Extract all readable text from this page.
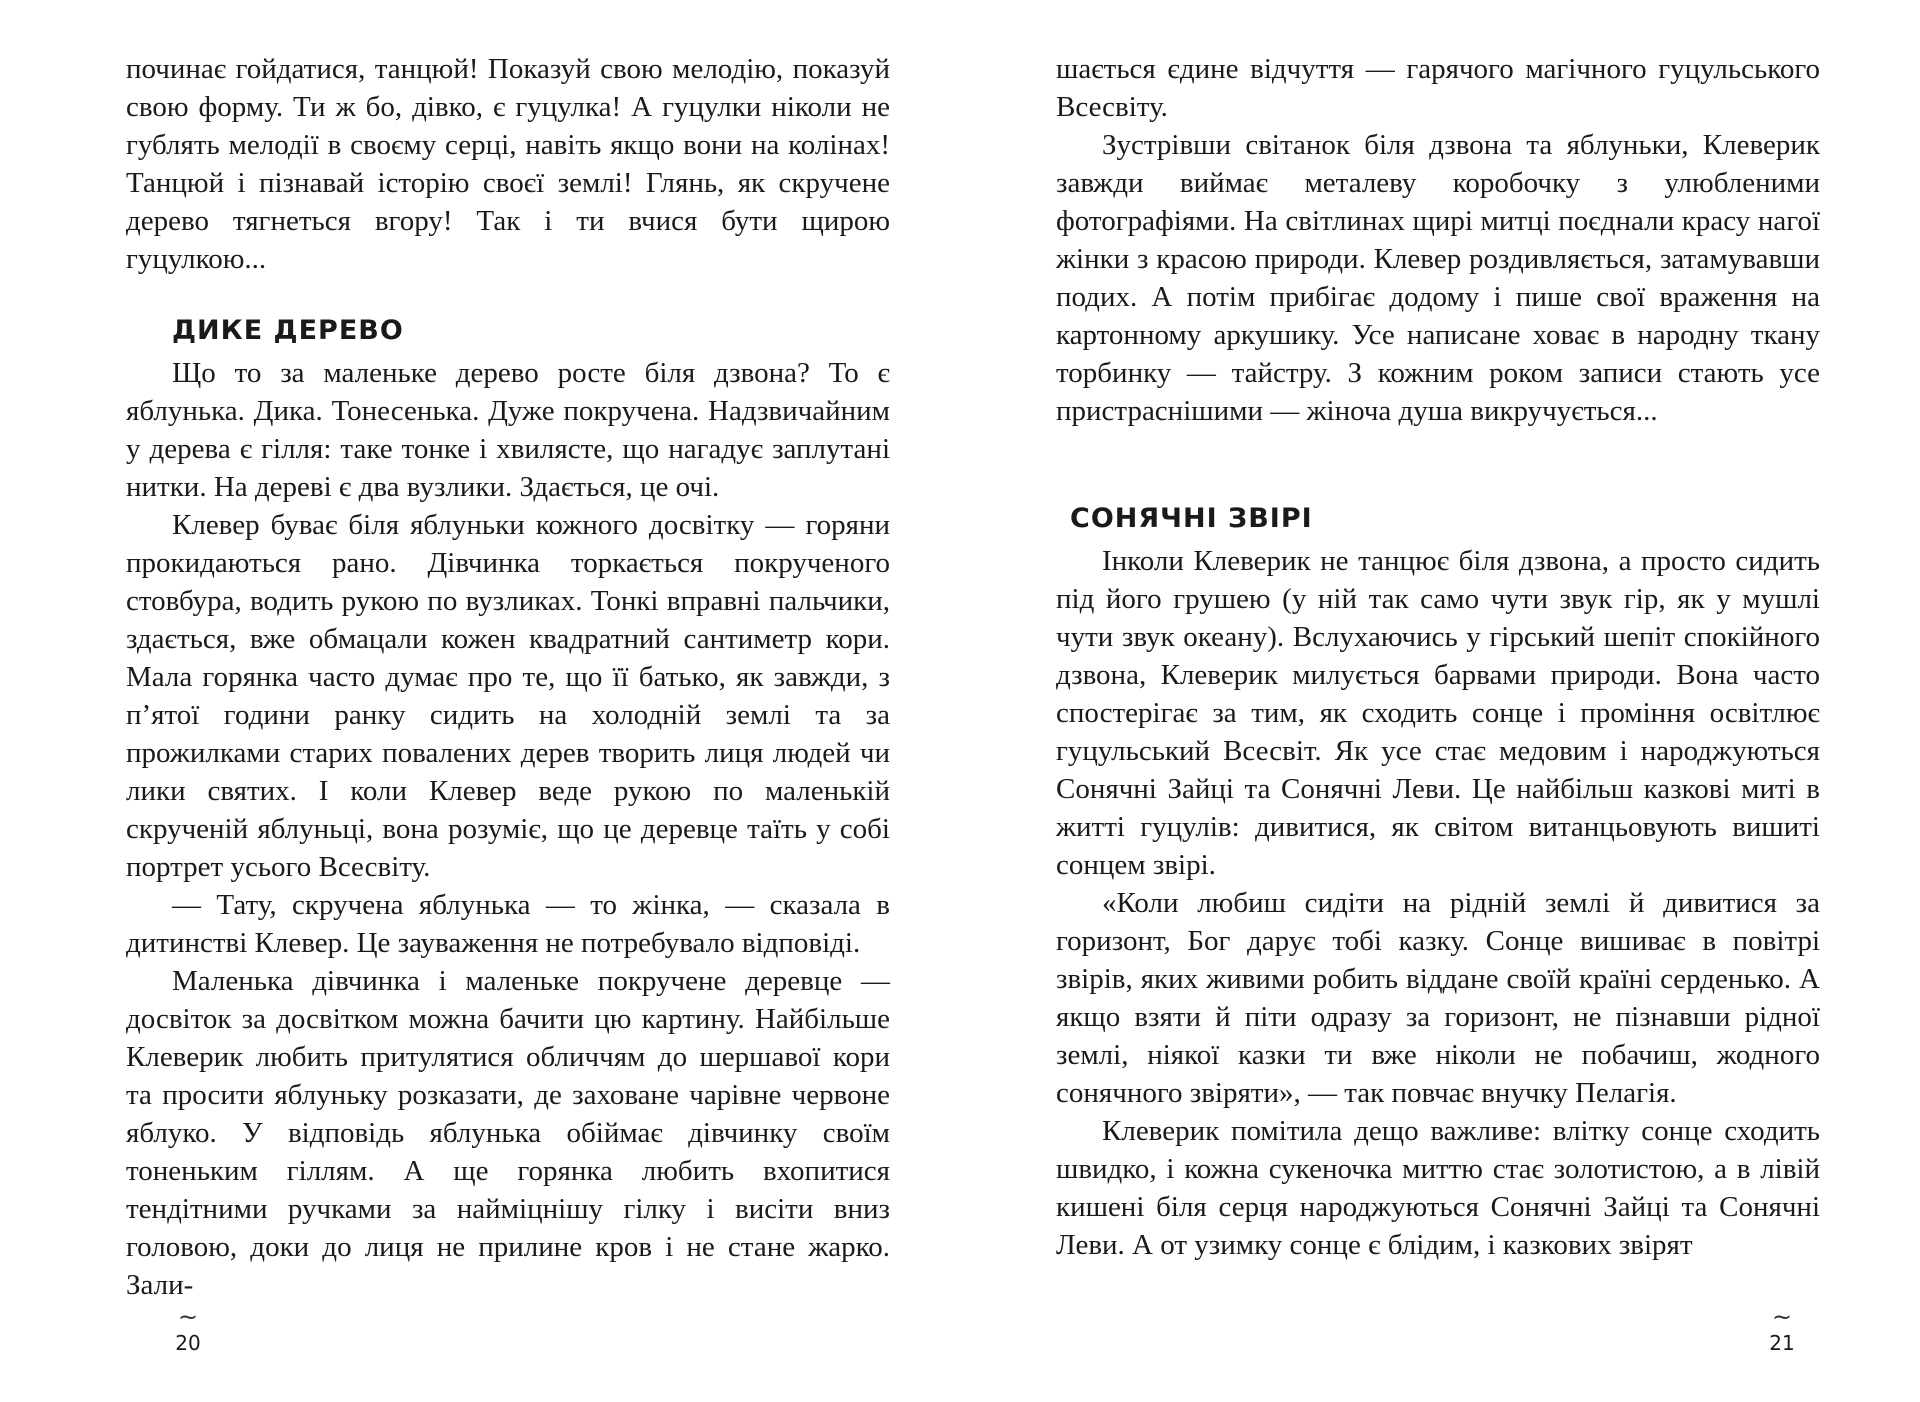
починає гойдатися, танцюй! Показуй свою мелодію, показуй свою форму. Ти ж бо, дівко, є гуцулка! А гуцулки ніколи не гублять мелодії в своєму серці, навіть якщо вони на колінах! Танцюй і пізнавай історію своєї землі! Глянь, як скручене дерево тягнеться вгору! Так і ти вчися бути щирою гуцулкою...

ДИКЕ ДЕРЕВО

Що то за маленьке дерево росте біля дзвона? То є яблунька. Дика. Тонесенька. Дуже покручена. Надзвичайним у дерева є гілля: таке тонке і хвилясте, що нагадує заплутані нитки. На дереві є два вузлики. Здається, це очі.

Клевер буває біля яблуньки кожного досвітку — горяни прокидаються рано. Дівчинка торкається покрученого стовбура, водить рукою по вузликах. Тонкі вправні пальчики, здається, вже обмацали кожен квадратний сантиметр кори. Мала горянка часто думає про те, що її батько, як завжди, з п’ятої години ранку сидить на холодній землі та за прожилками старих повалених дерев творить лиця людей чи лики святих. І коли Клевер веде рукою по маленькій скрученій яблуньці, вона розуміє, що це деревце таїть у собі портрет усього Всесвіту.

— Тату, скручена яблунька — то жінка, — сказала в дитинстві Клевер. Це зауваження не потребувало відповіді.

Маленька дівчинка і маленьке покручене деревце — досвіток за досвітком можна бачити цю картину. Найбільше Клеверик любить притулятися обличчям до шершавої кори та просити яблуньку розказати, де заховане чарівне червоне яблуко. У відповідь яблунька обіймає дівчинку своїм тоненьким гіллям. А ще горянка любить вхопитися тендітними ручками за найміцнішу гілку і висіти вниз головою, доки до лиця не прилине кров і не стане жарко. Зали-

~
20

шається єдине відчуття — гарячого магічного гуцульського Всесвіту.

Зустрівши світанок біля дзвона та яблуньки, Клеверик завжди виймає металеву коробочку з улюбленими фотографіями. На світлинах щирі митці поєднали красу нагої жінки з красою природи. Клевер роздивляється, затамувавши подих. А потім прибігає додому і пише свої враження на картонному аркушику. Усе написане ховає в народну ткану торбинку — тайстру. З кожним роком записи стають усе пристраснішими — жіноча душа викручується...

СОНЯЧНІ ЗВІРІ

Інколи Клеверик не танцює біля дзвона, а просто сидить під його грушею (у ній так само чути звук гір, як у мушлі чути звук океану). Вслухаючись у гірський шепіт спокійного дзвона, Клеверик милується барвами природи. Вона часто спостерігає за тим, як сходить сонце і проміння освітлює гуцульський Всесвіт. Як усе стає медовим і народжуються Сонячні Зайці та Сонячні Леви. Це найбільш казкові миті в житті гуцулів: дивитися, як світом витанцьовують вишиті сонцем звірі.

«Коли любиш сидіти на рідній землі й дивитися за горизонт, Бог дарує тобі казку. Сонце вишиває в повітрі звірів, яких живими робить віддане своїй країні серденько. А якщо взяти й піти одразу за горизонт, не пізнавши рідної землі, ніякої казки ти вже ніколи не побачиш, жодного сонячного звіряти», — так повчає внучку Пелагія.

Клеверик помітила дещо важливе: влітку сонце сходить швидко, і кожна сукеночка миттю стає золотистою, а в лівій кишені біля серця народжуються Сонячні Зайці та Сонячні Леви. А от узимку сонце є блідим, і казкових звірят

~
21
